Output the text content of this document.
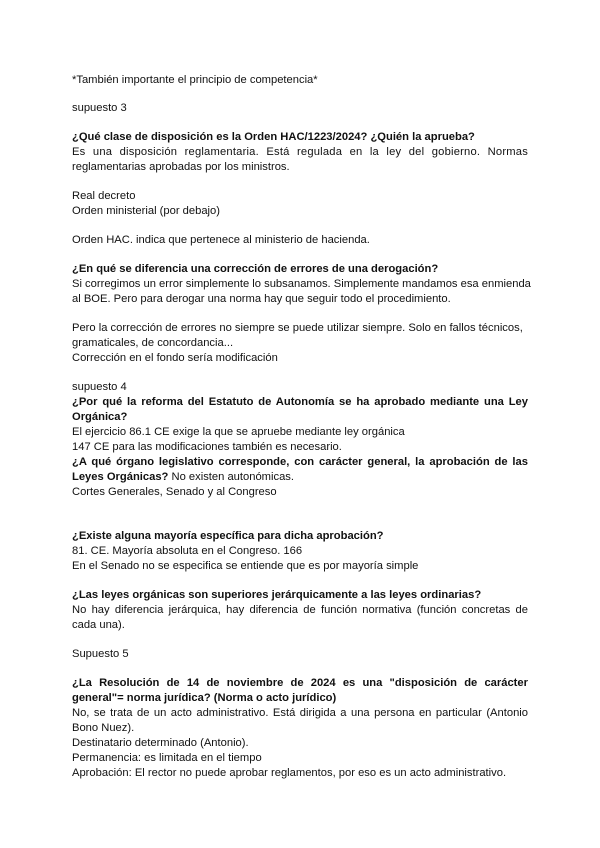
*También importante el principio de competencia*
supuesto 3
¿Qué clase de disposición es la Orden HAC/1223/2024? ¿Quién la aprueba?
Es una disposición reglamentaria. Está regulada en la ley del gobierno. Normas
reglamentarias aprobadas por los ministros.
Real decreto
Orden ministerial (por debajo)
Orden HAC. indica que pertenece al ministerio de hacienda.
¿En qué se diferencia una corrección de errores de una derogación?
Si corregimos un error simplemente lo subsanamos. Simplemente mandamos esa enmienda
al BOE. Pero para derogar una norma hay que seguir todo el procedimiento.
Pero la corrección de errores no siempre se puede utilizar siempre. Solo en fallos técnicos,
gramaticales, de concordancia...
Corrección en el fondo sería modificación
supuesto 4
¿Por qué la reforma del Estatuto de Autonomía se ha aprobado mediante una Ley
Orgánica?
El ejercicio 86.1 CE exige la que se apruebe mediante ley orgánica
147 CE para las modificaciones también es necesario.
¿A qué órgano legislativo corresponde, con carácter general, la aprobación de las
Leyes Orgánicas? No existen autonómicas.
Cortes Generales, Senado y al Congreso
¿Existe alguna mayoría específica para dicha aprobación?
81. CE. Mayoría absoluta en el Congreso. 166
En el Senado no se especifica se entiende que es por mayoría simple
¿Las leyes orgánicas son superiores jerárquicamente a las leyes ordinarias?
No hay diferencia jerárquica, hay diferencia de función normativa (función concretas de
cada una).
Supuesto 5
¿La Resolución de 14 de noviembre de 2024 es una "disposición de carácter
general"= norma jurídica? (Norma o acto jurídico)
No, se trata de un acto administrativo. Está dirigida a una persona en particular (Antonio
Bono Nuez).
Destinatario determinado (Antonio).
Permanencia: es limitada en el tiempo
Aprobación: El rector no puede aprobar reglamentos, por eso es un acto administrativo.
